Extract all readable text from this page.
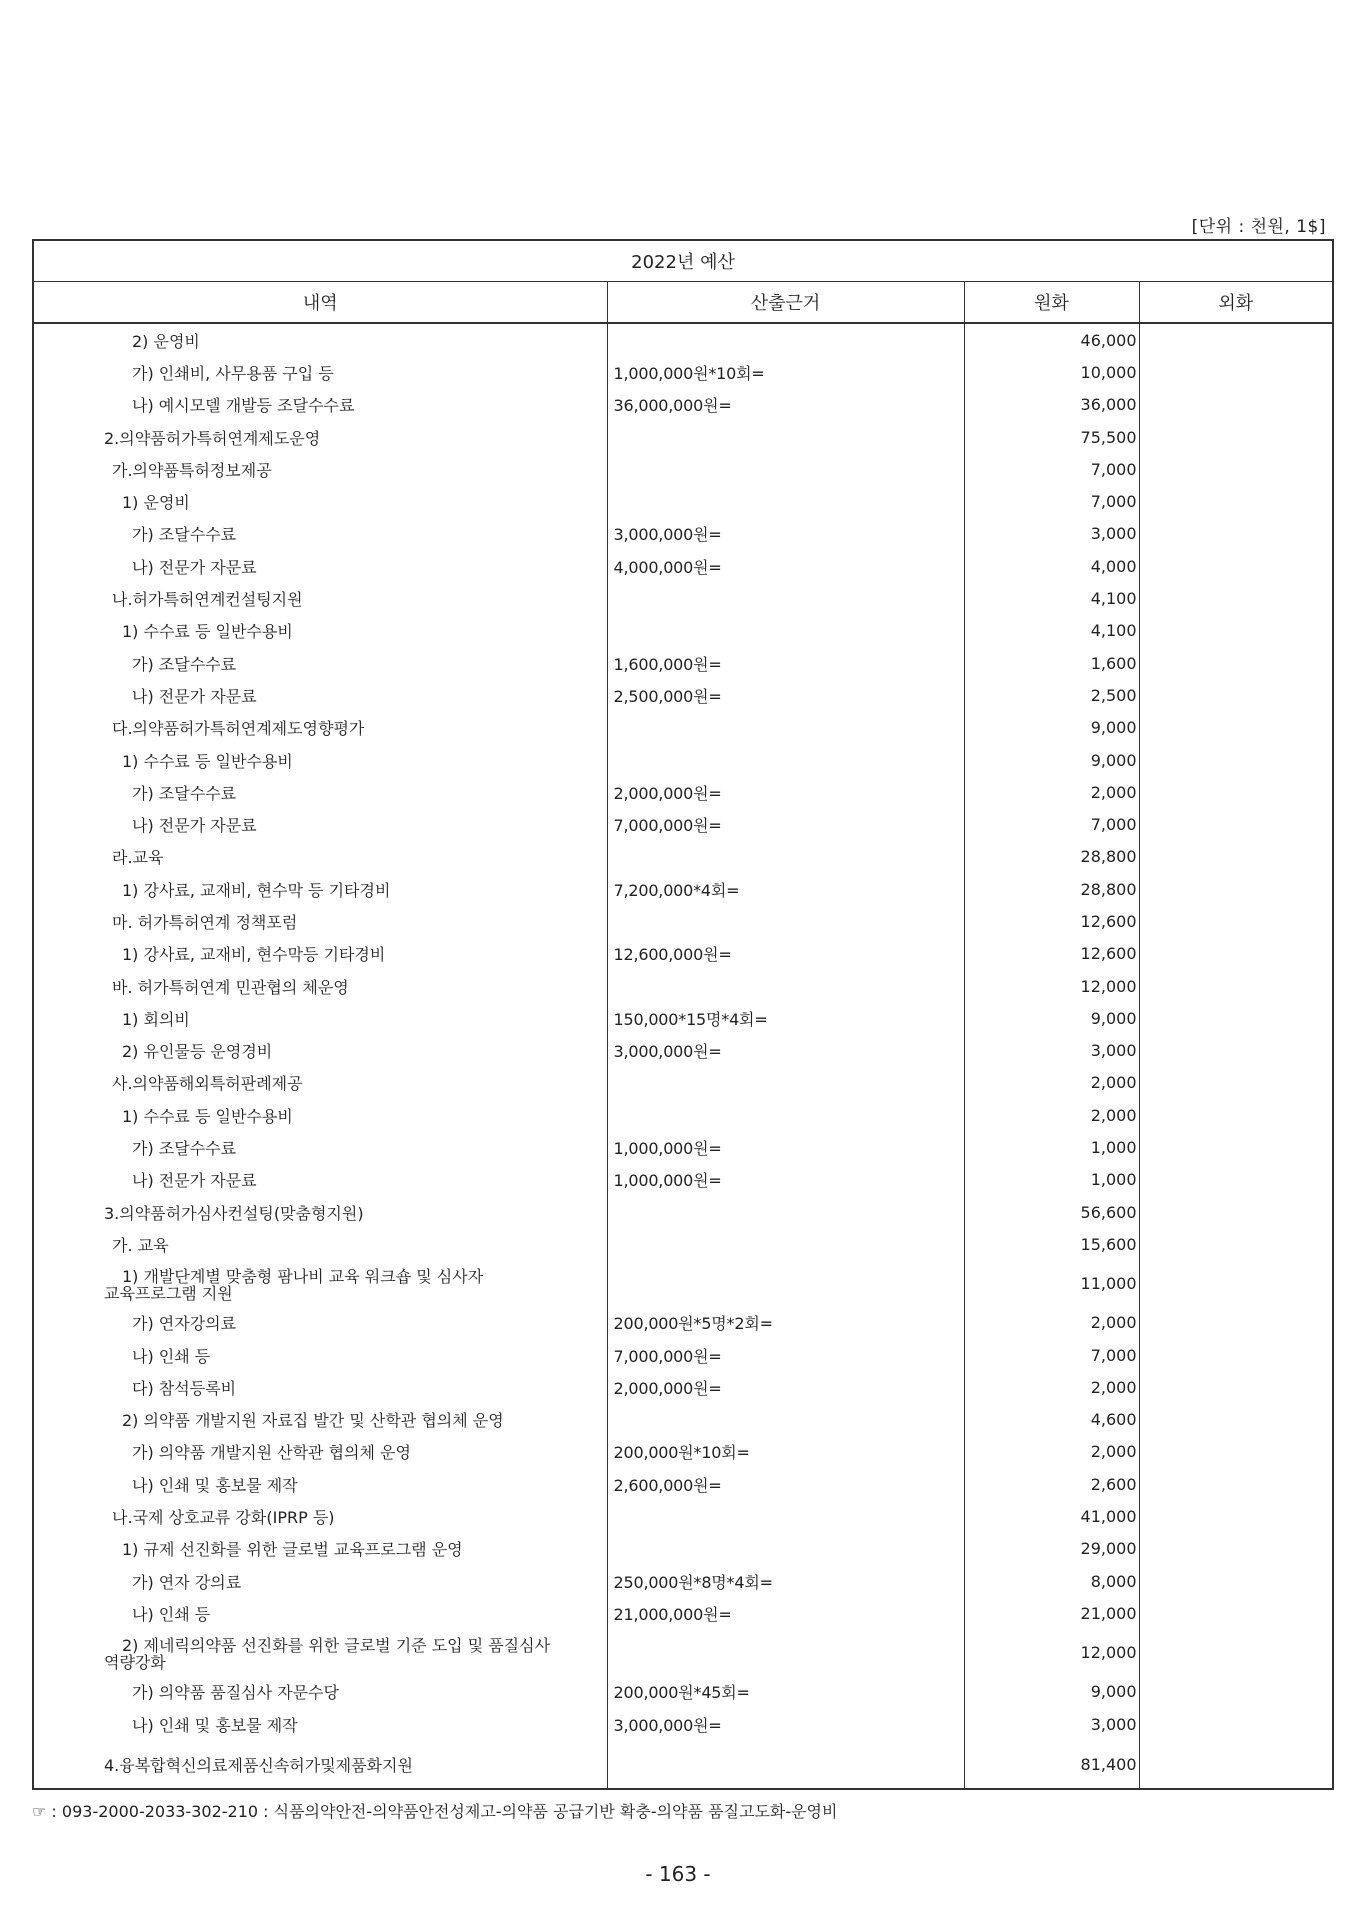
[단위 : 천원, 1$]
2022년 예산			
내역	산출근거	원화	외화
2) 운영비		46,000	
가) 인쇄비, 사무용품 구입 등	1,000,000원*10회=	10,000	
나) 예시모델 개발등 조달수수료	36,000,000원=	36,000	
2.의약품허가특허연계제도운영		75,500	
가.의약품특허정보제공		7,000	
1) 운영비		7,000	
가) 조달수수료	3,000,000원=	3,000	
나) 전문가 자문료	4,000,000원=	4,000	
나.허가특허연계컨설팅지원		4,100	
1) 수수료 등 일반수용비		4,100	
가) 조달수수료	1,600,000원=	1,600	
나) 전문가 자문료	2,500,000원=	2,500	
다.의약품허가특허연계제도영향평가		9,000	
1) 수수료 등 일반수용비		9,000	
가) 조달수수료	2,000,000원=	2,000	
나) 전문가 자문료	7,000,000원=	7,000	
라.교육		28,800	
1) 강사료, 교재비, 현수막 등 기타경비	7,200,000*4회=	28,800	
마. 허가특허연계 정책포럼		12,600	
1) 강사료, 교재비, 현수막등 기타경비	12,600,000원=	12,600	
바. 허가특허연계 민관협의 체운영		12,000	
1) 회의비	150,000*15명*4회=	9,000	
2) 유인물등 운영경비	3,000,000원=	3,000	
사.의약품해외특허판례제공		2,000	
1) 수수료 등 일반수용비		2,000	
가) 조달수수료	1,000,000원=	1,000	
나) 전문가 자문료	1,000,000원=	1,000	
3.의약품허가심사컨설팅(맞춤형지원)		56,600	
가. 교육		15,600	
1) 개발단계별 맞춤형 팜나비 교육 워크숍 및 심사자
교육프로그램 지원		11,000	
가) 연자강의료	200,000원*5명*2회=	2,000	
나) 인쇄 등	7,000,000원=	7,000	
다) 참석등록비	2,000,000원=	2,000	
2) 의약품 개발지원 자료집 발간 및 산학관 협의체 운영		4,600	
가) 의약품 개발지원 산학관 협의체 운영	200,000원*10회=	2,000	
나) 인쇄 및 홍보물 제작	2,600,000원=	2,600	
나.국제 상호교류 강화(IPRP 등)		41,000	
1) 규제 선진화를 위한 글로벌 교육프로그램 운영		29,000	
가) 연자 강의료	250,000원*8명*4회=	8,000	
나) 인쇄 등	21,000,000원=	21,000	
2) 제네릭의약품 선진화를 위한 글로벌 기준 도입 및 품질심사
역량강화		12,000	
가) 의약품 품질심사 자문수당	200,000원*45회=	9,000	
나) 인쇄 및 홍보물 제작	3,000,000원=	3,000	
4.융복합혁신의료제품신속허가및제품화지원		81,400	
☞ : 093-2000-2033-302-210 : 식품의약안전-의약품안전성제고-의약품 공급기반 확충-의약품 품질고도화-운영비
- 163 -
